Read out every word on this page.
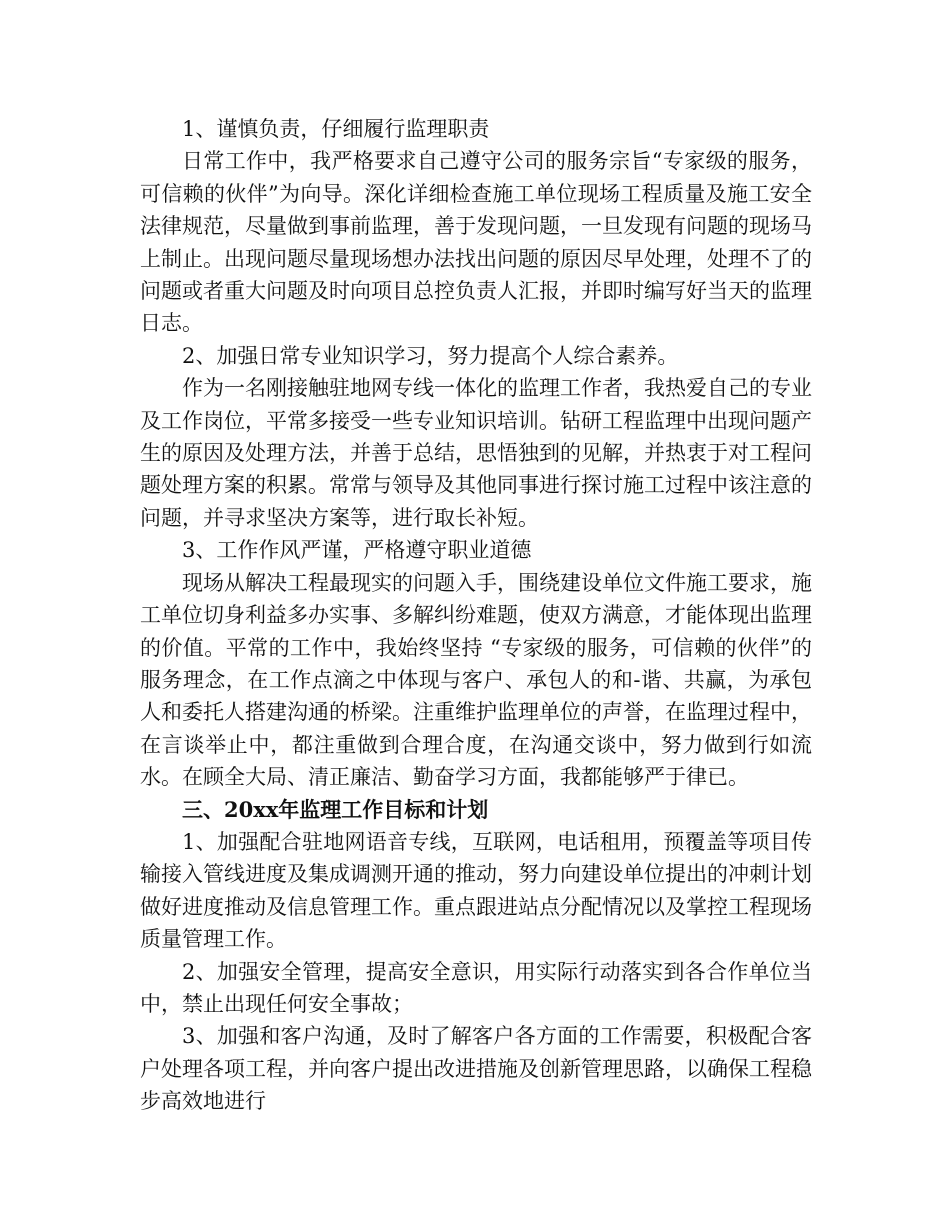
1、谨慎负责，仔细履行监理职责

日常工作中，我严格要求自己遵守公司的服务宗旨“专家级的服务，可信赖的伙伴”为向导。深化详细检查施工单位现场工程质量及施工安全法律规范，尽量做到事前监理，善于发现问题，一旦发现有问题的现场马上制止。出现问题尽量现场想办法找出问题的原因尽早处理，处理不了的问题或者重大问题及时向项目总控负责人汇报，并即时编写好当天的监理日志。

2、加强日常专业知识学习，努力提高个人综合素养。

作为一名刚接触驻地网专线一体化的监理工作者，我热爱自己的专业及工作岗位，平常多接受一些专业知识培训。钻研工程监理中出现问题产生的原因及处理方法，并善于总结，思悟独到的见解，并热衷于对工程问题处理方案的积累。常常与领导及其他同事进行探讨施工过程中该注意的问题，并寻求坚决方案等，进行取长补短。

3、工作作风严谨，严格遵守职业道德

现场从解决工程最现实的问题入手，围绕建设单位文件施工要求，施工单位切身利益多办实事、多解纠纷难题，使双方满意，才能体现出监理的价值。平常的工作中，我始终坚持 “专家级的服务，可信赖的伙伴”的服务理念，在工作点滴之中体现与客户、承包人的和-谐、共赢，为承包人和委托人搭建沟通的桥梁。注重维护监理单位的声誉，在监理过程中，在言谈举止中，都注重做到合理合度，在沟通交谈中，努力做到行如流水。在顾全大局、清正廉洁、勤奋学习方面，我都能够严于律已。

三、20xx年监理工作目标和计划

1、加强配合驻地网语音专线，互联网，电话租用，预覆盖等项目传输接入管线进度及集成调测开通的推动，努力向建设单位提出的冲刺计划做好进度推动及信息管理工作。重点跟进站点分配情况以及掌控工程现场质量管理工作。

2、加强安全管理，提高安全意识，用实际行动落实到各合作单位当中，禁止出现任何安全事故；

3、加强和客户沟通，及时了解客户各方面的工作需要，积极配合客户处理各项工程，并向客户提出改进措施及创新管理思路，以确保工程稳步高效地进行
